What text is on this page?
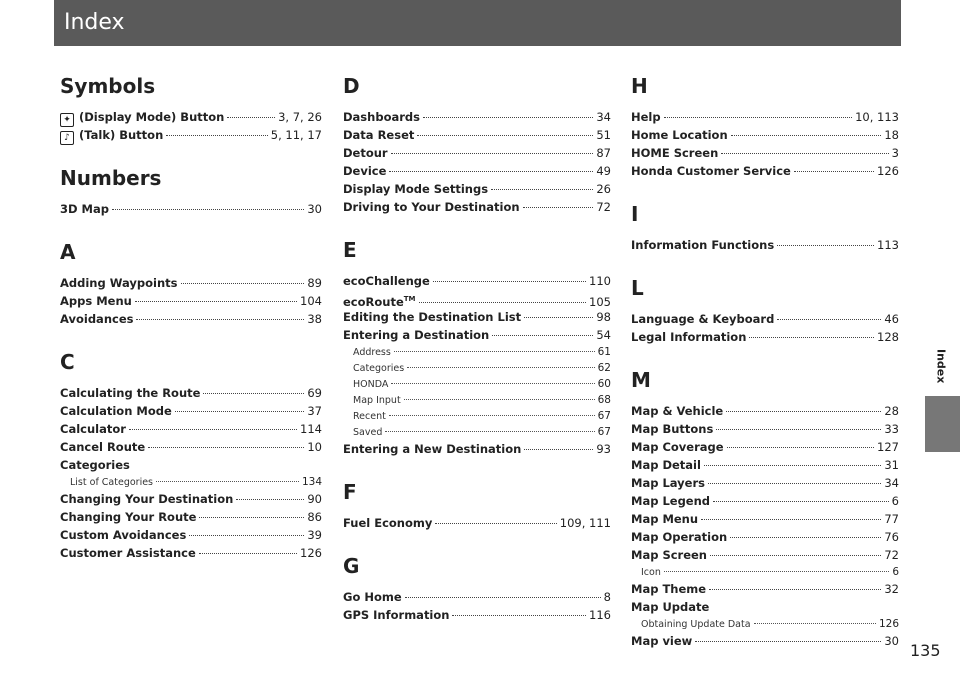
Index
Symbols
✦ (Display Mode) Button	3, 7, 26
♪ (Talk) Button	5, 11, 17
Numbers
3D Map	30
A
Adding Waypoints	89
Apps Menu	104
Avoidances	38
C
Calculating the Route	69
Calculation Mode	37
Calculator	114
Cancel Route	10
Categories
List of Categories	134
Changing Your Destination	90
Changing Your Route	86
Custom Avoidances	39
Customer Assistance	126
D
Dashboards	34
Data Reset	51
Detour	87
Device	49
Display Mode Settings	26
Driving to Your Destination	72
E
ecoChallenge	110
ecoRoute™	105
Editing the Destination List	98
Entering a Destination	54
Address	61
Categories	62
HONDA	60
Map Input	68
Recent	67
Saved	67
Entering a New Destination	93
F
Fuel Economy	109, 111
G
Go Home	8
GPS Information	116
H
Help	10, 113
Home Location	18
HOME Screen	3
Honda Customer Service	126
I
Information Functions	113
L
Language & Keyboard	46
Legal Information	128
M
Map & Vehicle	28
Map Buttons	33
Map Coverage	127
Map Detail	31
Map Layers	34
Map Legend	6
Map Menu	77
Map Operation	76
Map Screen	72
Icon	6
Map Theme	32
Map Update
Obtaining Update Data	126
Map view	30
Index
135
